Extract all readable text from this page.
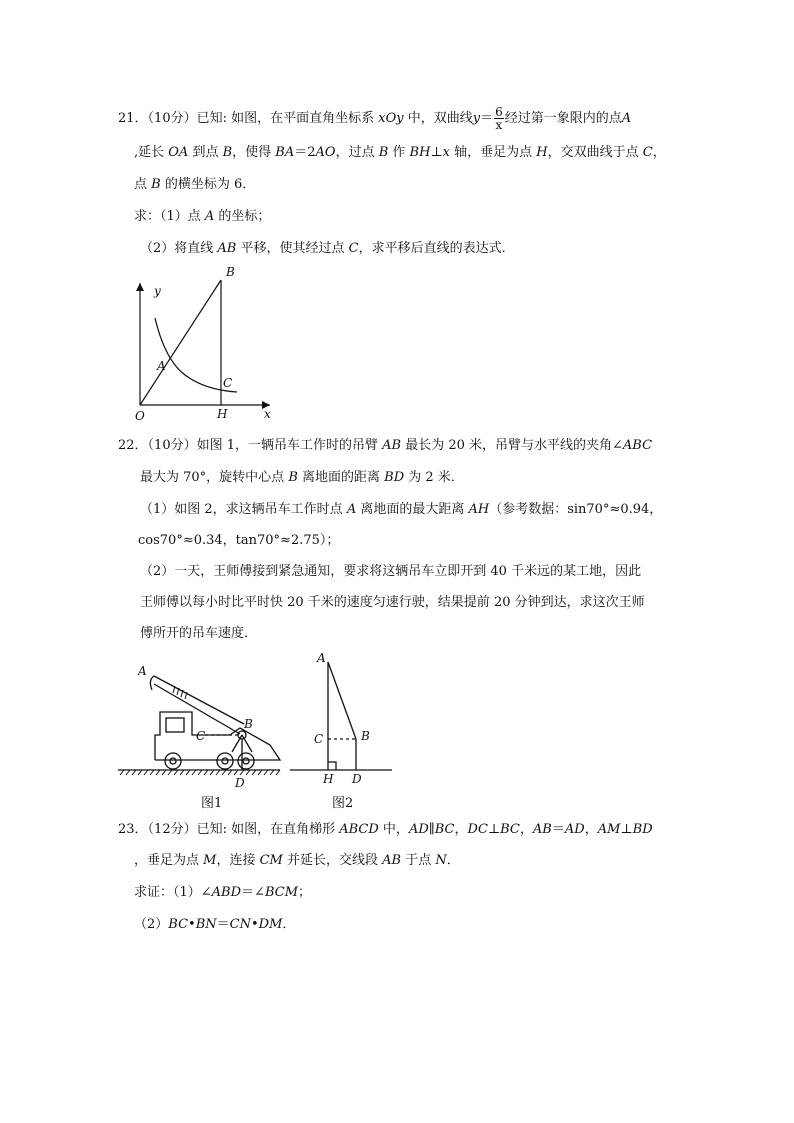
21．（10分）已知: 如图，在平面直角坐标系 xOy 中，双曲线$y= \frac{6}{x}$ 经过第一象限内的点A
,延长 OA 到点 B，使得 BA＝2AO，过点 B 作 BH⊥x 轴，垂足为点 H，交双曲线于点 C，
点 B 的横坐标为 6．
求：（1）点 A 的坐标；
（2）将直线 AB 平移，使其经过点 C，求平移后直线的表达式．
B
y
A
C
O	H	x
22．（10分）如图 1，一辆吊车工作时的吊臂 AB 最长为 20 米，吊臂与水平线的夹角∠ABC
最大为 70°，旋转中心点 B 离地面的距离 BD 为 2 米．
（1）如图 2，求这辆吊车工作时点 A 离地面的最大距离 AH（参考数据：sin70°≈0.94，
cos70°≈0.34，tan70°≈2.75）；
（2）一天，王师傅接到紧急通知，要求将这辆吊车立即开到 40 千米远的某工地，因此
王师傅以每小时比平时快 20 千米的速度匀速行驶，结果提前 20 分钟到达，求这次王师
傅所开的吊车速度．
A
B
C
D
图1
A
C	B
H D
图2
23．（12分）已知: 如图，在直角梯形 ABCD 中，AD∥BC，DC⊥BC，AB＝AD，AM⊥BD
，垂足为点 M，连接 CM 并延长，交线段 AB 于点 N．
求证：（1）∠ABD＝∠BCM；
（2）BC•BN＝CN•DM．
